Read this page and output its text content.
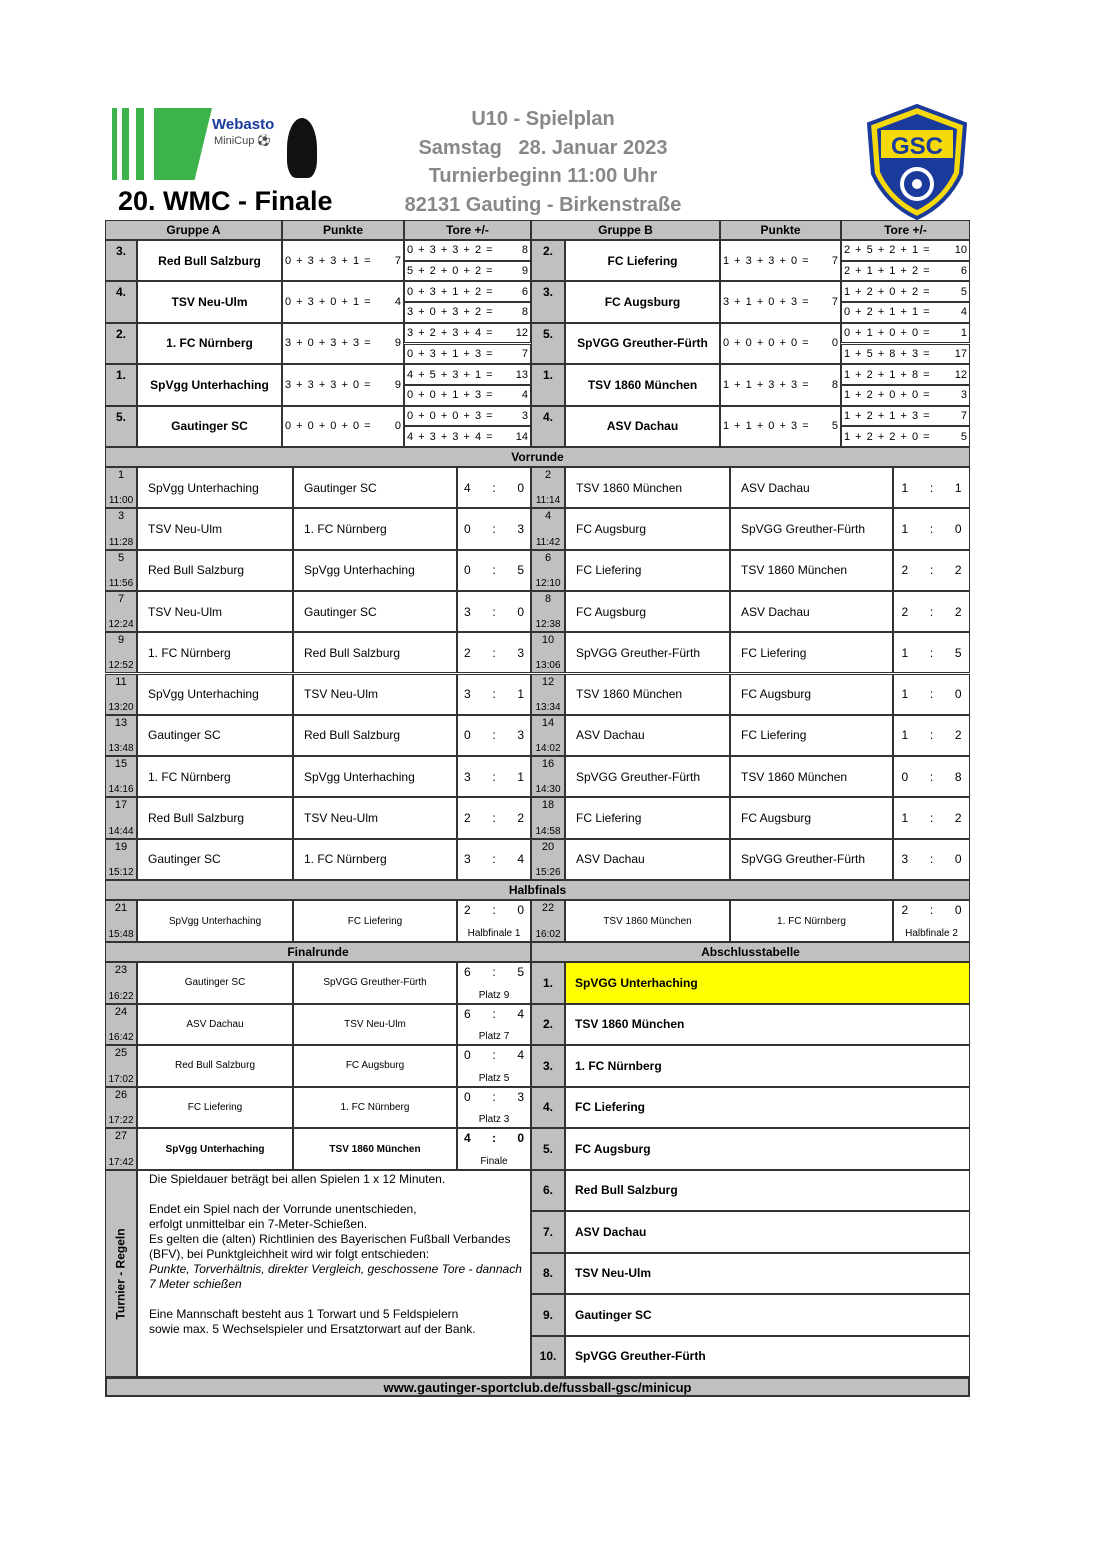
Webasto
MiniCup ⚽
20. WMC - Finale
U10 - Spielplan
Samstag   28. Januar 2023
Turnierbeginn 11:00 Uhr
82131 Gauting - Birkenstraße
GSC
Gruppe A	Punkte	Tore +/-
3.
Red Bull Salzburg	0 + 3 + 3 + 1 = 7
0 + 3 + 3 + 2 =	8
5 + 2 + 0 + 2 =	9
4.
TSV Neu-Ulm	0 + 3 + 0 + 1 = 4
0 + 3 + 1 + 2 =	6
3 + 0 + 3 + 2 =	8
2.
1. FC Nürnberg	3 + 0 + 3 + 3 = 9
3 + 2 + 3 + 4 = 12
0 + 3 + 1 + 3 =	7
1.
SpVgg Unterhaching	3 + 3 + 3 + 0 = 9
4 + 5 + 3 + 1 = 13
0 + 0 + 1 + 3 =	4
5.
Gautinger SC	0 + 0 + 0 + 0 = 0
0 + 0 + 0 + 3 =	3
4 + 3 + 3 + 4 = 14
Gruppe B	Punkte	Tore +/-
2.
FC Liefering	1 + 3 + 3 + 0 = 7
2 + 5 + 2 + 1 = 10
2 + 1 + 1 + 2 =	6
3.
FC Augsburg	3 + 1 + 0 + 3 = 7
1 + 2 + 0 + 2 =	5
0 + 2 + 1 + 1 =	4
5.
SpVGG Greuther-Fürth	0 + 0 + 0 + 0 = 0
0 + 1 + 0 + 0 =	1
1 + 5 + 8 + 3 = 17
1.
TSV 1860 München	1 + 1 + 3 + 3 = 8
1 + 2 + 1 + 8 = 12
1 + 2 + 0 + 0 =	3
4.
ASV Dachau	1 + 1 + 0 + 3 = 5
1 + 2 + 1 + 3 =	7
1 + 2 + 2 + 0 =	5
Vorrunde
1
11:00
SpVgg Unterhaching	Gautinger SC	4 : 0
2
11:14
TSV 1860 München	ASV Dachau	1 : 1
3
11:28
TSV Neu-Ulm	1. FC Nürnberg	0 : 3
4
11:42
FC Augsburg	SpVGG Greuther-Fürth	1 : 0
5
11:56
Red Bull Salzburg	SpVgg Unterhaching	0 : 5
6
12:10
FC Liefering	TSV 1860 München	2 : 2
7
12:24
TSV Neu-Ulm	Gautinger SC	3 : 0
8
12:38
FC Augsburg	ASV Dachau	2 : 2
9
12:52
1. FC Nürnberg	Red Bull Salzburg	2 : 3
10
13:06
SpVGG Greuther-Fürth	FC Liefering	1 : 5
11
13:20
SpVgg Unterhaching	TSV Neu-Ulm	3 : 1
12
13:34
TSV 1860 München	FC Augsburg	1 : 0
13
13:48
Gautinger SC	Red Bull Salzburg	0 : 3
14
14:02
ASV Dachau	FC Liefering	1 : 2
15
14:16
1. FC Nürnberg	SpVgg Unterhaching	3 : 1
16
14:30
SpVGG Greuther-Fürth	TSV 1860 München	0 : 8
17
14:44
Red Bull Salzburg	TSV Neu-Ulm	2 : 2
18
14:58
FC Liefering	FC Augsburg	1 : 2
19
15:12
Gautinger SC	1. FC Nürnberg	3 : 4
20
15:26
ASV Dachau	SpVGG Greuther-Fürth	3 : 0
Halbfinals
21
15:48
SpVgg Unterhaching	FC Liefering
2 : 0
Halbfinale 1
22
16:02
TSV 1860 München	1. FC Nürnberg
2 : 0
Halbfinale 2
Finalrunde	Abschlusstabelle
23
16:22
Gautinger SC	SpVGG Greuther-Fürth
6 : 5
Platz 9
24
16:42
ASV Dachau	TSV Neu-Ulm
6 : 4
Platz 7
25
17:02
Red Bull Salzburg	FC Augsburg
0 : 4
Platz 5
26
17:22
FC Liefering	1. FC Nürnberg
0 : 3
Platz 3
27
17:42
SpVgg Unterhaching	TSV 1860 München
4 : 0
Finale
1.	SpVGG Unterhaching
2.	TSV 1860 München
3.	1. FC Nürnberg
4.	FC Liefering
5.	FC Augsburg
6.	Red Bull Salzburg
7.	ASV Dachau
8.	TSV Neu-Ulm
9.	Gautinger SC
10.	SpVGG Greuther-Fürth
Turnier - Regeln
Die Spieldauer beträgt bei allen Spielen 1 x 12 Minuten.
Endet ein Spiel nach der Vorrunde unentschieden,
erfolgt unmittelbar ein 7-Meter-Schießen.
Es gelten die (alten) Richtlinien des Bayerischen Fußball Verbandes
(BFV), bei Punktgleichheit wird wir folgt entschieden:
Punkte, Torverhältnis, direkter Vergleich, geschossene Tore - dannach
7 Meter schießen
Eine Mannschaft besteht aus 1 Torwart und 5 Feldspielern
sowie max. 5 Wechselspieler und Ersatztorwart auf der Bank.
www.gautinger-sportclub.de/fussball-gsc/minicup
